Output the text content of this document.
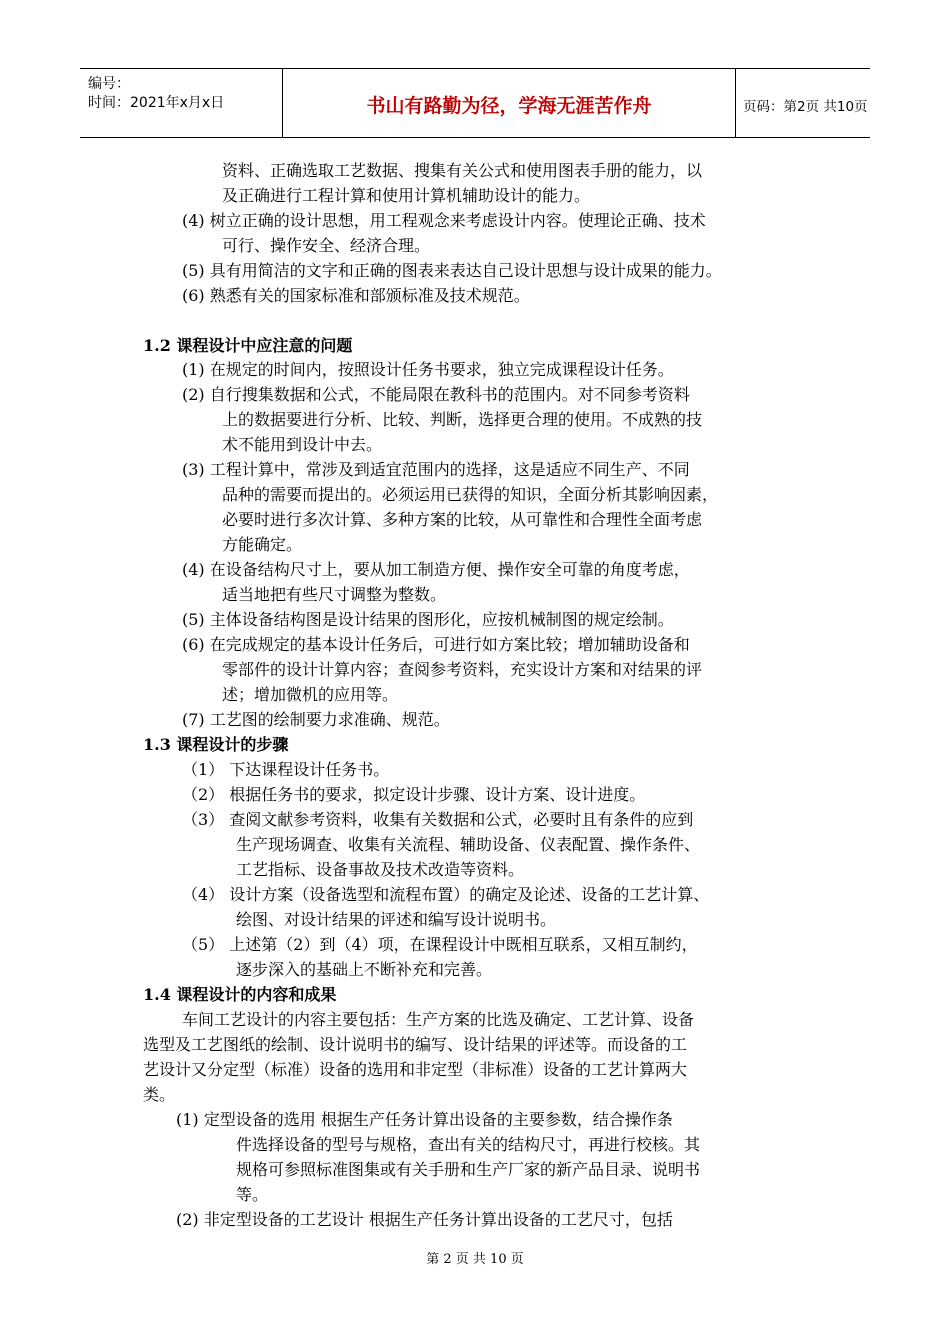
编号：
时间：2021年x月x日	书山有路勤为径，学海无涯苦作舟	页码：第2页 共10页
资料、正确选取工艺数据、搜集有关公式和使用图表手册的能力，以
及正确进行工程计算和使用计算机辅助设计的能力。
(4) 树立正确的设计思想，用工程观念来考虑设计内容。使理论正确、技术
可行、操作安全、经济合理。
(5) 具有用简洁的文字和正确的图表来表达自己设计思想与设计成果的能力。
(6) 熟悉有关的国家标准和部颁标准及技术规范。
1.2 课程设计中应注意的问题
(1) 在规定的时间内，按照设计任务书要求，独立完成课程设计任务。
(2) 自行搜集数据和公式，不能局限在教科书的范围内。对不同参考资料
上的数据要进行分析、比较、判断，选择更合理的使用。不成熟的技
术不能用到设计中去。
(3) 工程计算中，常涉及到适宜范围内的选择，这是适应不同生产、不同
品种的需要而提出的。必须运用已获得的知识，全面分析其影响因素，
必要时进行多次计算、多种方案的比较，从可靠性和合理性全面考虑
方能确定。
(4) 在设备结构尺寸上，要从加工制造方便、操作安全可靠的角度考虑，
适当地把有些尺寸调整为整数。
(5) 主体设备结构图是设计结果的图形化，应按机械制图的规定绘制。
(6) 在完成规定的基本设计任务后，可进行如方案比较；增加辅助设备和
零部件的设计计算内容；查阅参考资料，充实设计方案和对结果的评
述；增加微机的应用等。
(7) 工艺图的绘制要力求准确、规范。
1.3 课程设计的步骤
（1） 下达课程设计任务书。
（2） 根据任务书的要求，拟定设计步骤、设计方案、设计进度。
（3） 查阅文献参考资料，收集有关数据和公式，必要时且有条件的应到
生产现场调查、收集有关流程、辅助设备、仪表配置、操作条件、
工艺指标、设备事故及技术改造等资料。
（4） 设计方案（设备选型和流程布置）的确定及论述、设备的工艺计算、
绘图、对设计结果的评述和编写设计说明书。
（5） 上述第（2）到（4）项，在课程设计中既相互联系，又相互制约，
逐步深入的基础上不断补充和完善。
1.4 课程设计的内容和成果
车间工艺设计的内容主要包括：生产方案的比选及确定、工艺计算、设备
选型及工艺图纸的绘制、设计说明书的编写、设计结果的评述等。而设备的工
艺设计又分定型（标准）设备的选用和非定型（非标准）设备的工艺计算两大
类。
(1) 定型设备的选用 根据生产任务计算出设备的主要参数，结合操作条
件选择设备的型号与规格，查出有关的结构尺寸，再进行校核。其
规格可参照标准图集或有关手册和生产厂家的新产品目录、说明书
等。
(2) 非定型设备的工艺设计 根据生产任务计算出设备的工艺尺寸，包括
第 2 页 共 10 页
